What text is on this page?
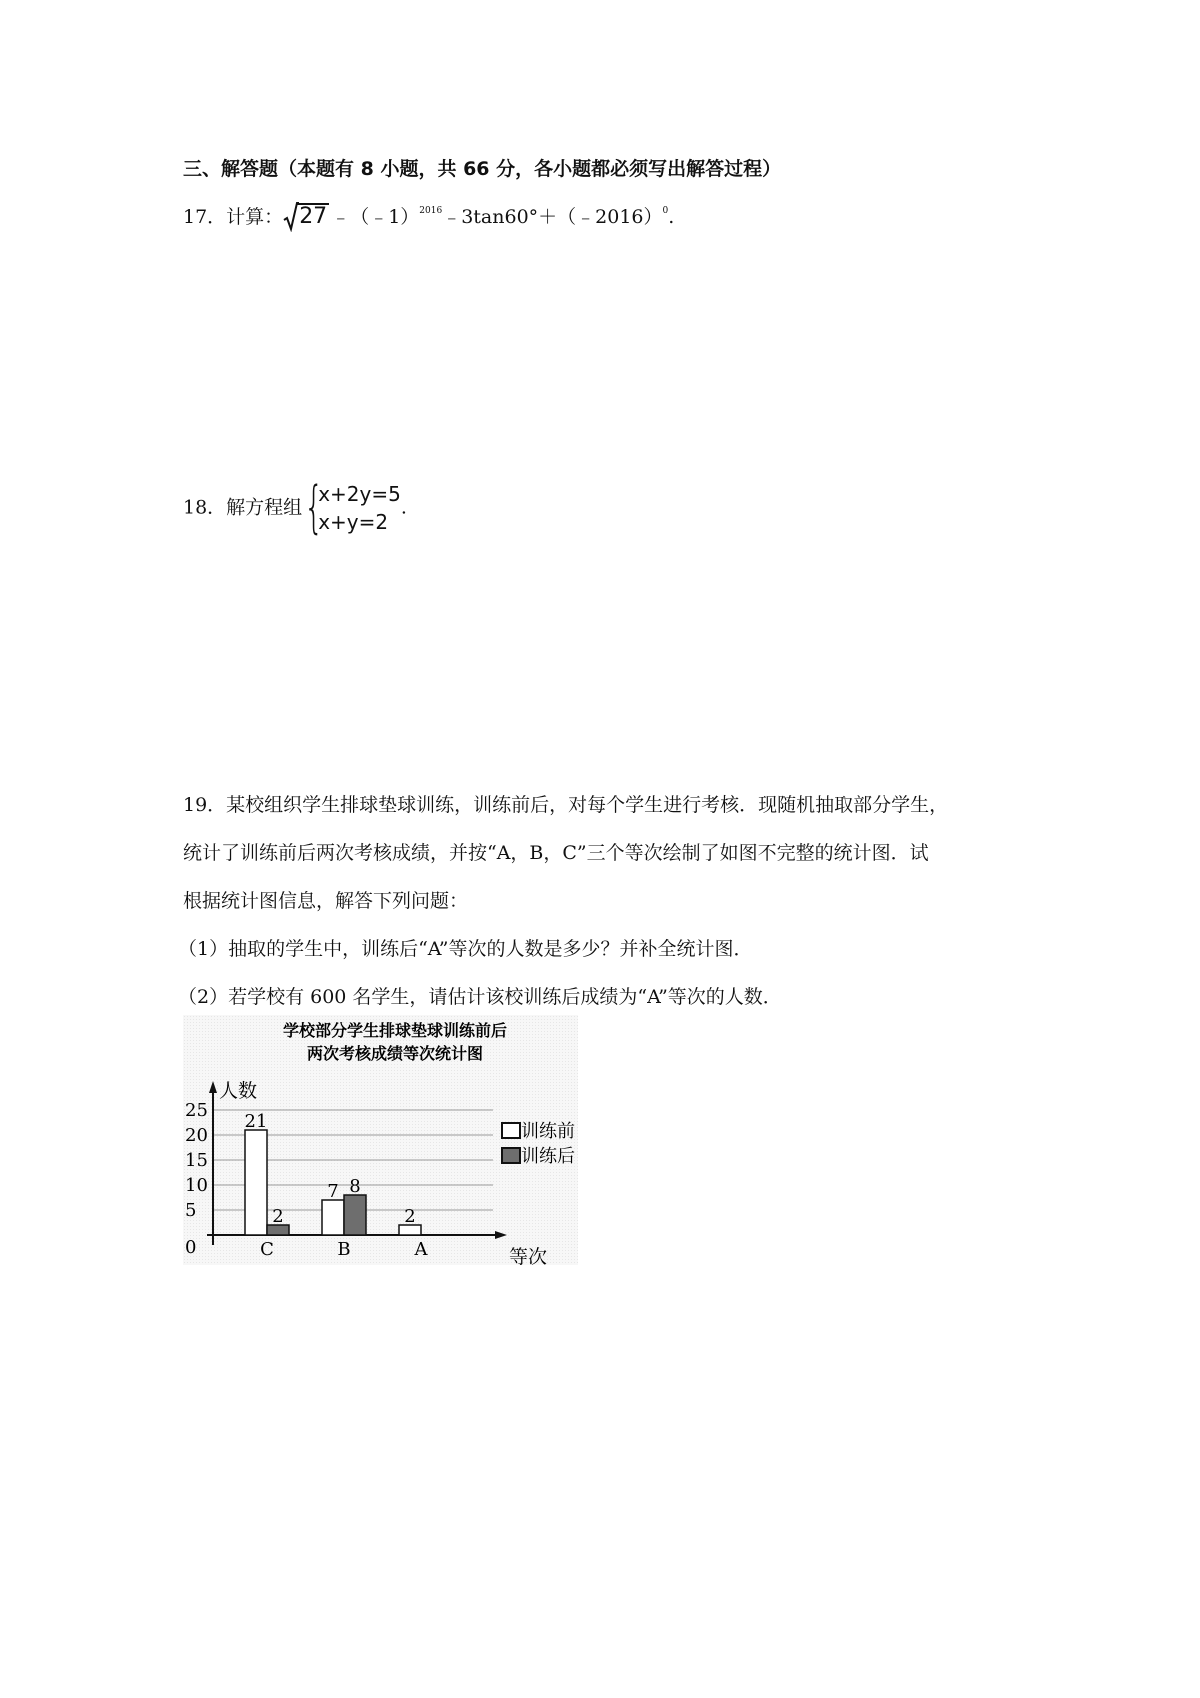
三、解答题（本题有 8 小题，共 66 分，各小题都必须写出解答过程）
17．计算： 27 ﹣（﹣1）$^{2016}$﹣3tan60°＋（﹣2016）$^0$.
18．解方程组 {
x+2y=5
x+y=2
.
19．某校组织学生排球垫球训练，训练前后，对每个学生进行考核．现随机抽取部分学生，
统计了训练前后两次考核成绩，并按“A，B，C”三个等次绘制了如图不完整的统计图．试
根据统计图信息，解答下列问题：
（1）抽取的学生中，训练后“A”等次的人数是多少？并补全统计图．
（2）若学校有 600 名学生，请估计该校训练后成绩为“A”等次的人数．
学校部分学生排球垫球训练前后
两次考核成绩等次统计图
人数
等次
训练前
训练后
0
5
10
15
20
25
C
21
2
B
7 8
A
2
